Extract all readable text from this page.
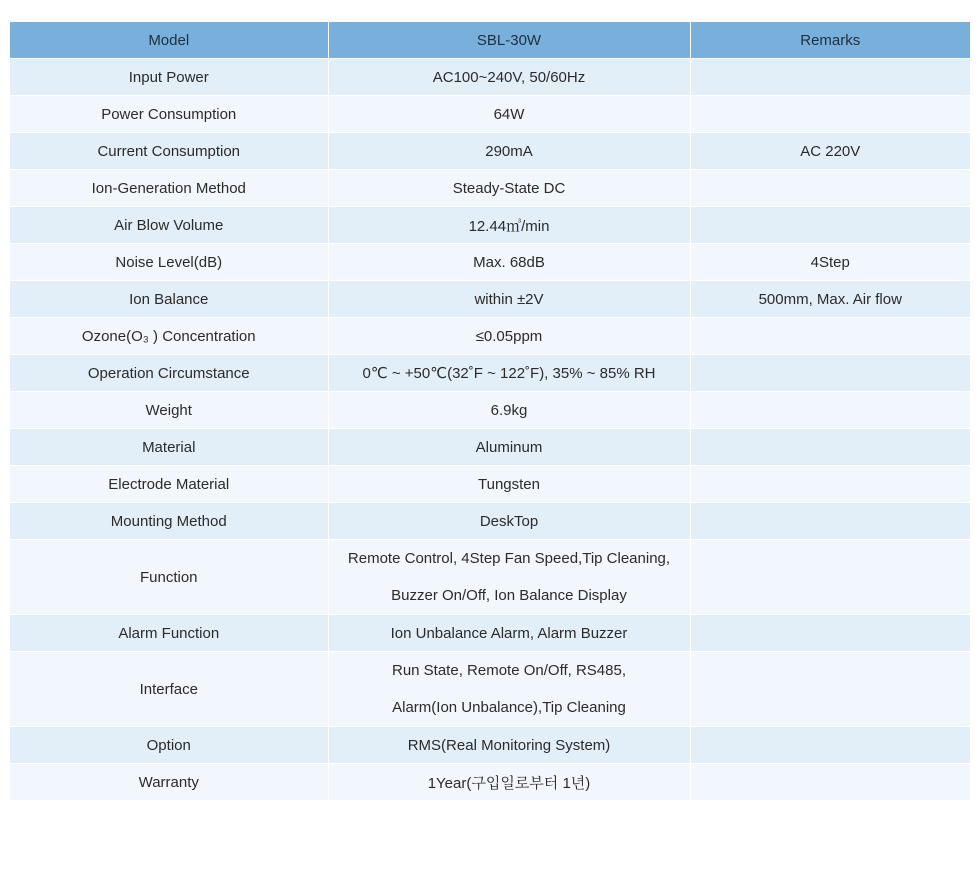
Model	SBL-30W	Remarks
Input Power	AC100~240V, 50/60Hz	
Power Consumption	64W	
Current Consumption	290mA	AC 220V
Ion-Generation Method	Steady-State DC	
Air Blow Volume	12.44㎥/min	
Noise Level(dB)	Max. 68dB	4Step
Ion Balance	within ±2V	500mm, Max. Air flow
Ozone(O₃ ) Concentration	≤0.05ppm	
Operation Circumstance	0℃ ~ +50℃(32˚F ~ 122˚F), 35% ~ 85% RH	
Weight	6.9kg	
Material	Aluminum	
Electrode Material	Tungsten	
Mounting Method	DeskTop	
Function	Remote Control, 4Step Fan Speed,Tip Cleaning,
Buzzer On/Off, Ion Balance Display	

Alarm Function	Ion Unbalance Alarm, Alarm Buzzer	
Interface	Run State, Remote On/Off, RS485,
Alarm(Ion Unbalance),Tip Cleaning	

Option	RMS(Real Monitoring System)	
Warranty	1Year(구입일로부터 1년)	
